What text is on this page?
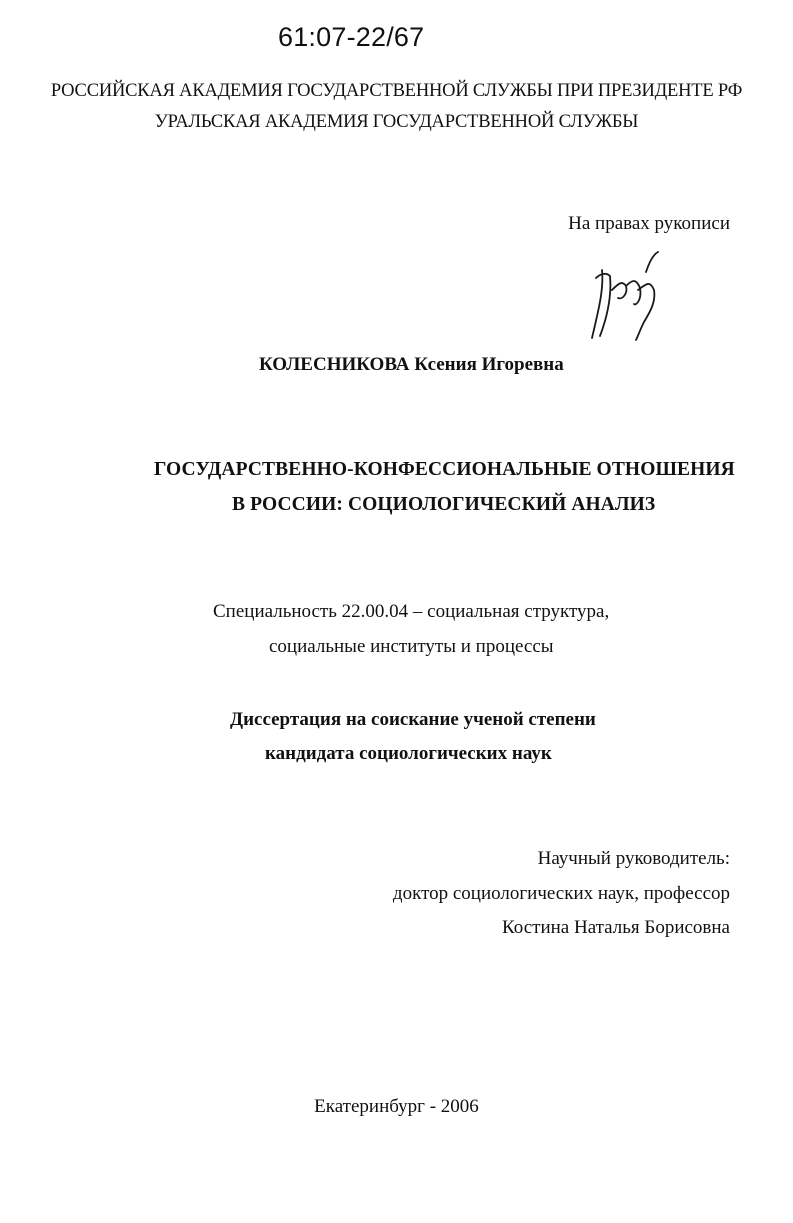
61:07-22/67
РОССИЙСКАЯ АКАДЕМИЯ ГОСУДАРСТВЕННОЙ СЛУЖБЫ ПРИ ПРЕЗИДЕНТЕ РФ
УРАЛЬСКАЯ АКАДЕМИЯ ГОСУДАРСТВЕННОЙ СЛУЖБЫ
На правах рукописи
КОЛЕСНИКОВА Ксения Игоревна
ГОСУДАРСТВЕННО-КОНФЕССИОНАЛЬНЫЕ ОТНОШЕНИЯ
В РОССИИ: СОЦИОЛОГИЧЕСКИЙ АНАЛИЗ
Специальность 22.00.04 – социальная структура,
социальные институты и процессы
Диссертация на соискание ученой степени
кандидата социологических наук
Научный руководитель:
доктор социологических наук, профессор
Костина Наталья Борисовна
Екатеринбург - 2006
